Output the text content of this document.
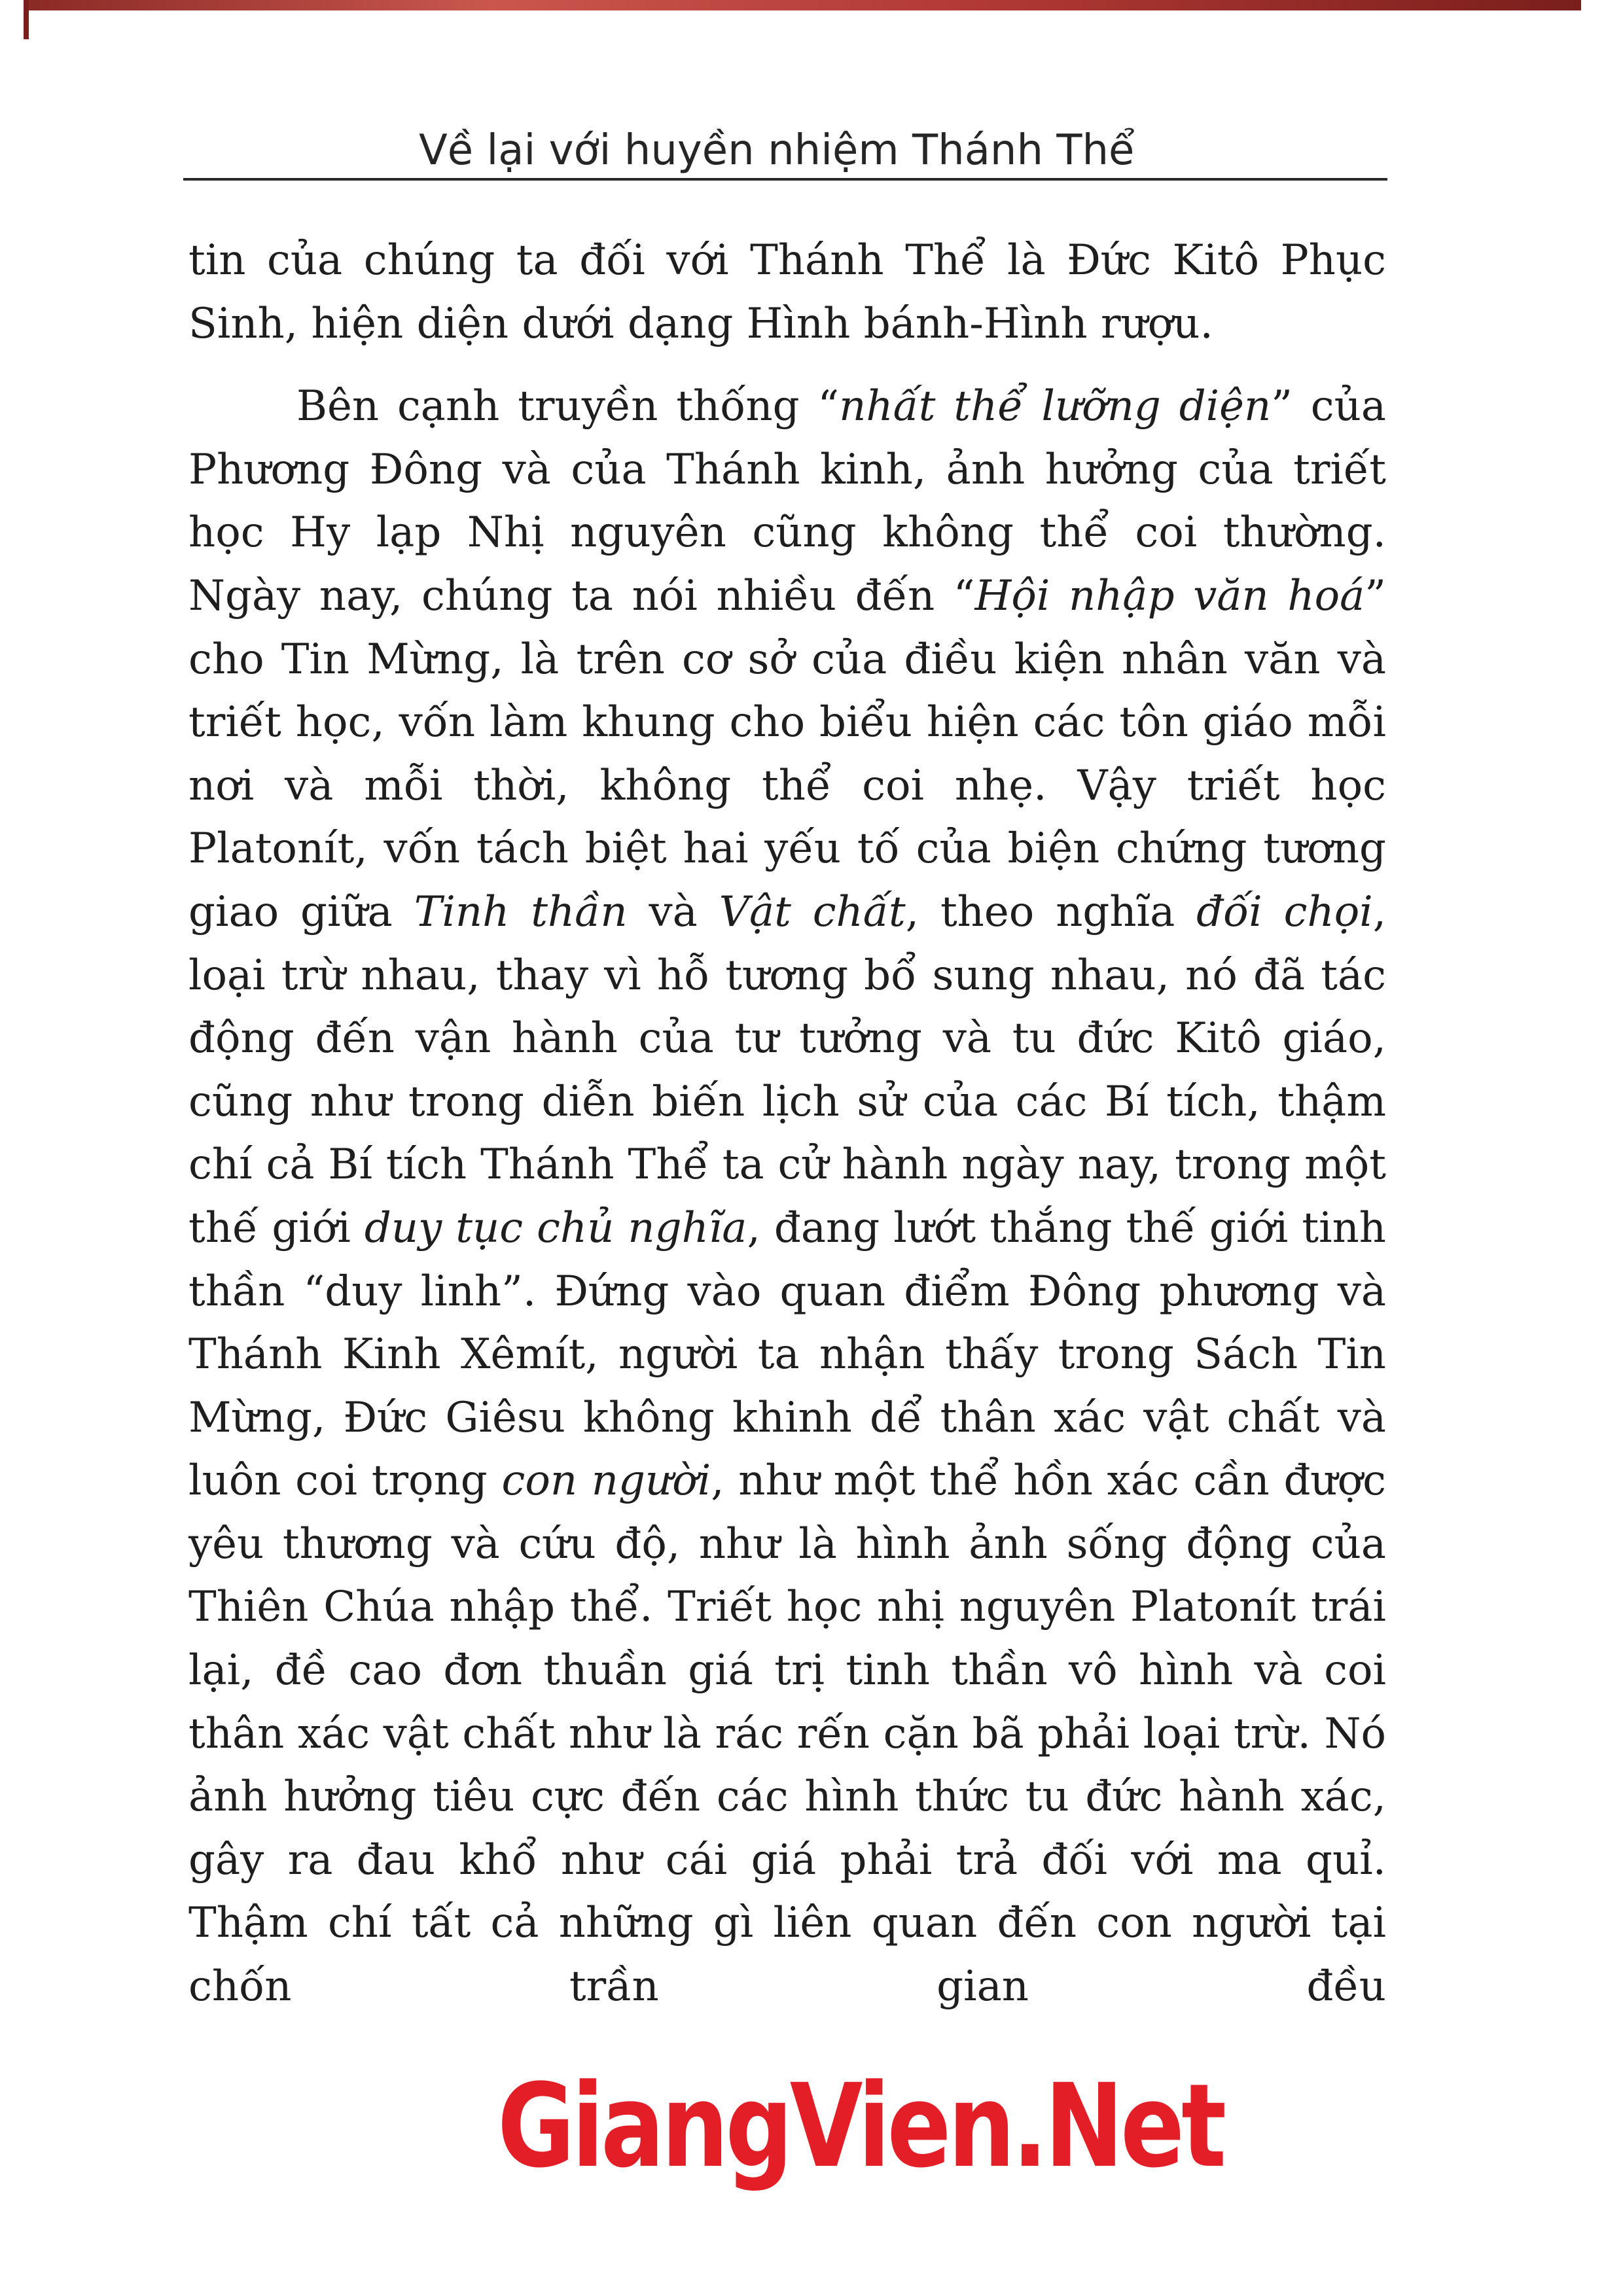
Về lại với huyền nhiệm Thánh Thể

tin của chúng ta đối với Thánh Thể là Đức Kitô Phục

Sinh, hiện diện dưới dạng Hình bánh-Hình rượu.

Bên cạnh truyền thống “nhất thể lưỡng diện” của Phương Đông và của Thánh kinh, ảnh hưởng của triết học Hy lạp Nhị nguyên cũng không thể coi thường. Ngày nay, chúng ta nói nhiều đến “Hội nhập văn hoá” cho Tin Mừng, là trên cơ sở của điều kiện nhân văn và triết học, vốn làm khung cho biểu hiện các tôn giáo mỗi nơi và mỗi thời, không thể coi nhẹ. Vậy triết học Platonít, vốn tách biệt hai yếu tố của biện chứng tương giao giữa Tinh thần và Vật chất, theo nghĩa đối chọi, loại trừ nhau, thay vì hỗ tương bổ sung nhau, nó đã tác động đến vận hành của tư tưởng và tu đức Kitô giáo, cũng như trong diễn biến lịch sử của các Bí tích, thậm chí cả Bí tích Thánh Thể ta cử hành ngày nay, trong một thế giới duy tục chủ nghĩa, đang lướt thắng thế giới tinh thần “duy linh”. Đứng vào quan điểm Đông phương và Thánh Kinh Xêmít, người ta nhận thấy trong Sách Tin Mừng, Đức Giêsu không khinh dể thân xác vật chất và luôn coi trọng con người, như một thể hồn xác cần được yêu thương và cứu độ, như là hình ảnh sống động của Thiên Chúa nhập thể. Triết học nhị nguyên Platonít trái lại, đề cao đơn thuần giá trị tinh thần vô hình và coi thân xác vật chất như là rác rến cặn bã phải loại trừ. Nó ảnh hưởng tiêu cực đến các hình thức tu đức hành xác, gây ra đau khổ như cái giá phải trả đối với ma quỉ. Thậm chí tất cả những gì liên quan đến con người tại chốn trần gian đều

GiangVien.Net
